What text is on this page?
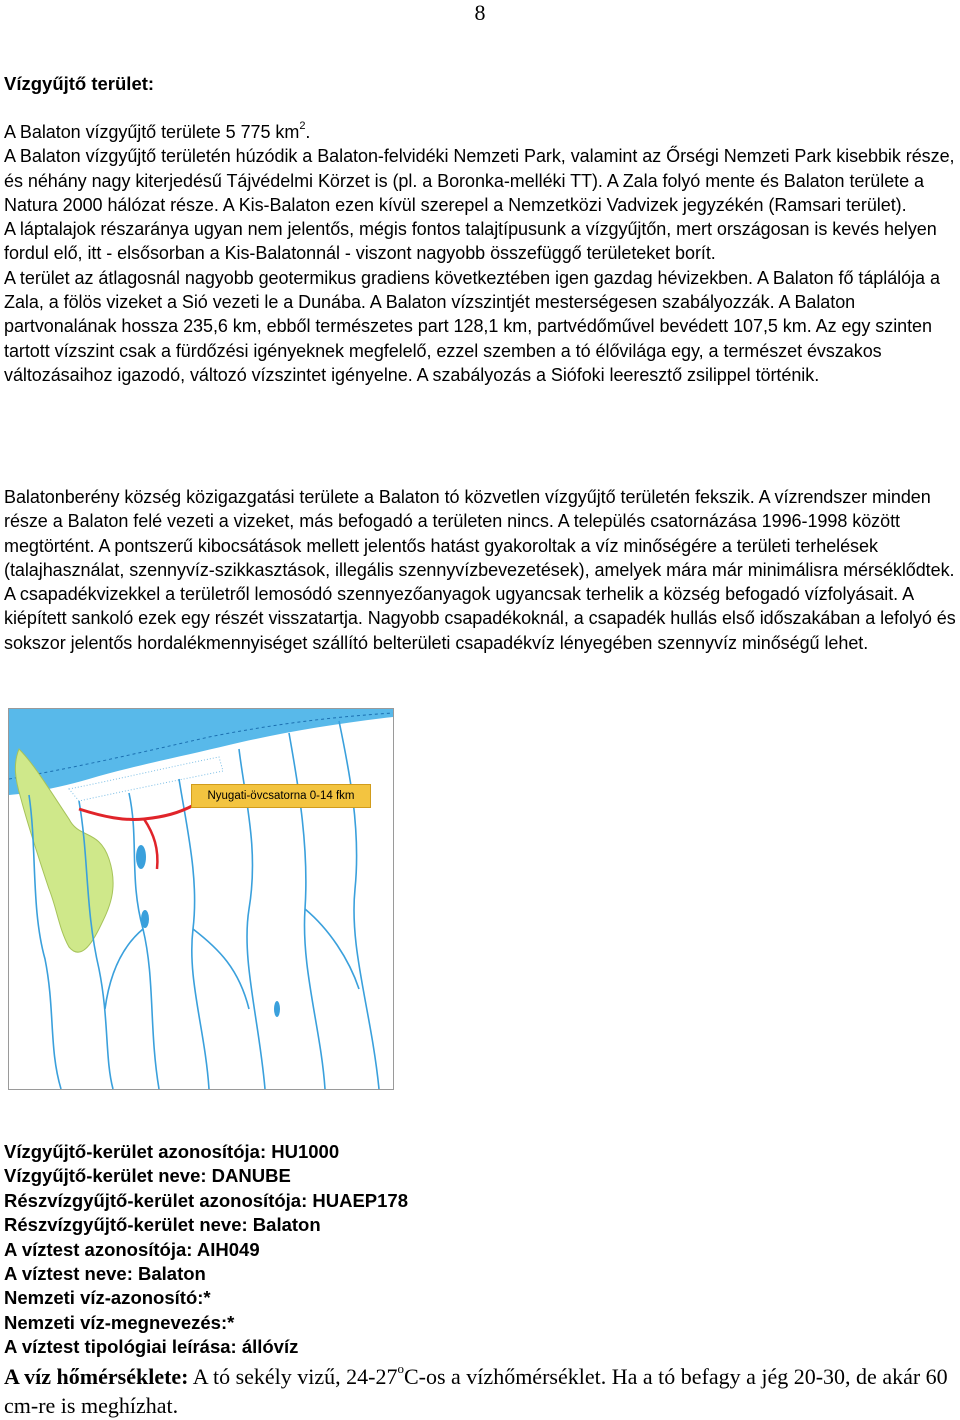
8
Vízgyűjtő terület:

A Balaton vízgyűjtő területe 5 775 $km^2$.

A Balaton vízgyűjtő területén húzódik a Balaton-felvidéki Nemzeti Park, valamint az Őrségi Nemzeti Park kisebbik része, és néhány nagy kiterjedésű Tájvédelmi Körzet is (pl. a Boronka-melléki TT). A Zala folyó mente és Balaton területe a Natura 2000 hálózat része. A Kis-Balaton ezen kívül szerepel a Nemzetközi Vadvizek jegyzékén (Ramsari terület).

A láptalajok részaránya ugyan nem jelentős, mégis fontos talajtípusunk a vízgyűjtőn, mert országosan is kevés helyen fordul elő, itt - elsősorban a Kis-Balatonnál - viszont nagyobb összefüggő területeket borít.

A terület az átlagosnál nagyobb geotermikus gradiens következtében igen gazdag hévizekben. A Balaton fő táplálója a Zala, a fölös vizeket a Sió vezeti le a Dunába. A Balaton vízszintjét mesterségesen szabályozzák. A Balaton partvonalának hossza 235,6 km, ebből természetes part 128,1 km, partvédőművel bevédett 107,5 km. Az egy szinten tartott vízszint csak a fürdőzési igényeknek megfelelő, ezzel szemben a tó élővilága egy, a természet évszakos változásaihoz igazodó, változó vízszintet igényelne. A szabályozás a Siófoki leeresztő zsilippel történik.

Balatonberény község közigazgatási területe a Balaton tó közvetlen vízgyűjtő területén fekszik. A vízrendszer minden része a Balaton felé vezeti a vizeket, más befogadó a területen nincs. A település csatornázása 1996-1998 között megtörtént. A pontszerű kibocsátások mellett jelentős hatást gyakoroltak a víz minőségére a területi terhelések (talajhasználat, szennyvíz-szikkasztások, illegális szennyvízbevezetések), amelyek mára már minimálisra mérséklődtek. A csapadékvizekkel a területről lemosódó szennyezőanyagok ugyancsak terhelik a község befogadó vízfolyásait. A kiépített sankoló ezek egy részét visszatartja. Nagyobb csapadékoknál, a csapadék hullás első időszakában a lefolyó és sokszor jelentős hordalékmennyiséget szállító belterületi csapadékvíz lényegében szennyvíz minőségű lehet.

Nyugati-övcsatorna 0-14 fkm
Vízgyűjtő-kerület azonosítója: HU1000
Vízgyűjtő-kerület neve: DANUBE
Részvízgyűjtő-kerület azonosítója: HUAEP178
Részvízgyűjtő-kerület neve: Balaton
A víztest azonosítója: AIH049
A víztest neve: Balaton
Nemzeti víz-azonosító:*
Nemzeti víz-megnevezés:*
A víztest tipológiai leírása: állóvíz
A víz hőmérséklete: A tó sekély vizű, 24-27$^o$C-os a vízhőmérséklet. Ha a tó befagy a jég 20-30, de akár 60 cm-re is meghízhat.
